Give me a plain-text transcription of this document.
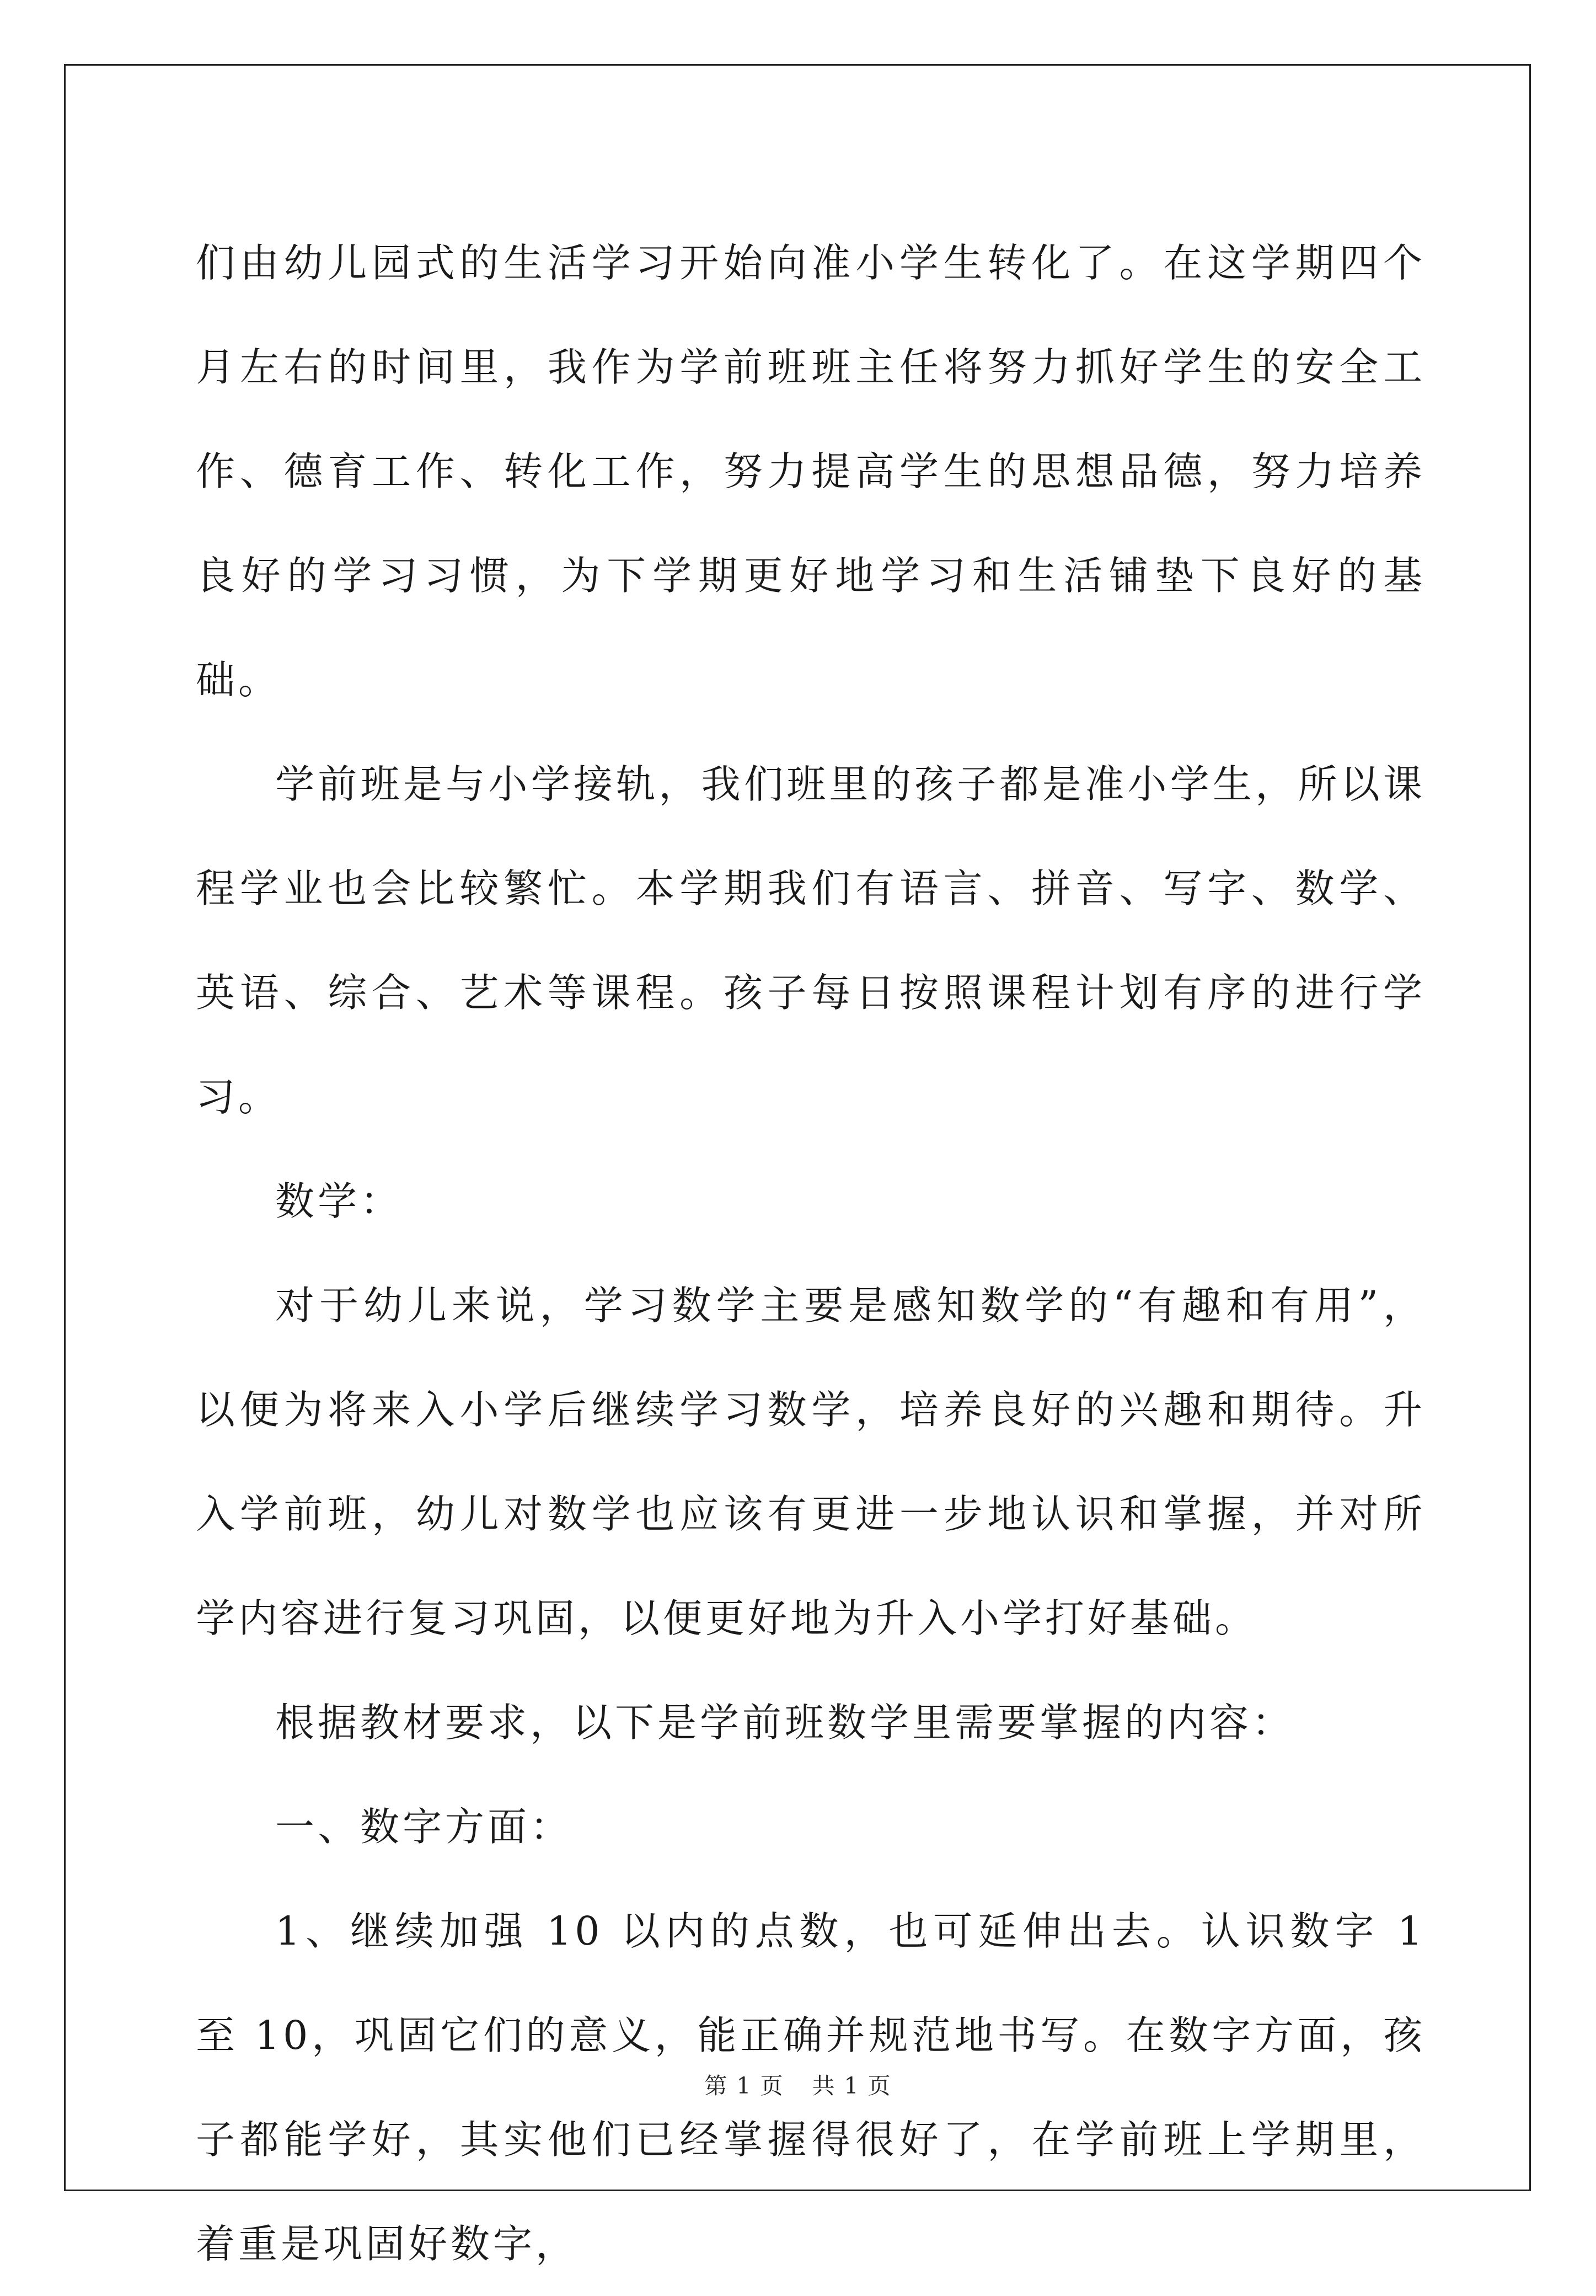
们由幼儿园式的生活学习开始向准小学生转化了。在这学期四个月左右的时间里，我作为学前班班主任将努力抓好学生的安全工作、德育工作、转化工作，努力提高学生的思想品德，努力培养良好的学习习惯，为下学期更好地学习和生活铺垫下良好的基础。

学前班是与小学接轨，我们班里的孩子都是准小学生，所以课程学业也会比较繁忙。本学期我们有语言、拼音、写字、数学、英语、综合、艺术等课程。孩子每日按照课程计划有序的进行学习。

数学：

对于幼儿来说，学习数学主要是感知数学的“有趣和有用”，以便为将来入小学后继续学习数学，培养良好的兴趣和期待。升入学前班，幼儿对数学也应该有更进一步地认识和掌握，并对所学内容进行复习巩固，以便更好地为升入小学打好基础。

根据教材要求，以下是学前班数学里需要掌握的内容：

一、数字方面：

1、继续加强 10 以内的点数，也可延伸出去。认识数字 1 至 10，巩固它们的意义，能正确并规范地书写。在数字方面，孩子都能学好，其实他们已经掌握得很好了，在学前班上学期里，着重是巩固好数字，

第 1 页 共 1 页
